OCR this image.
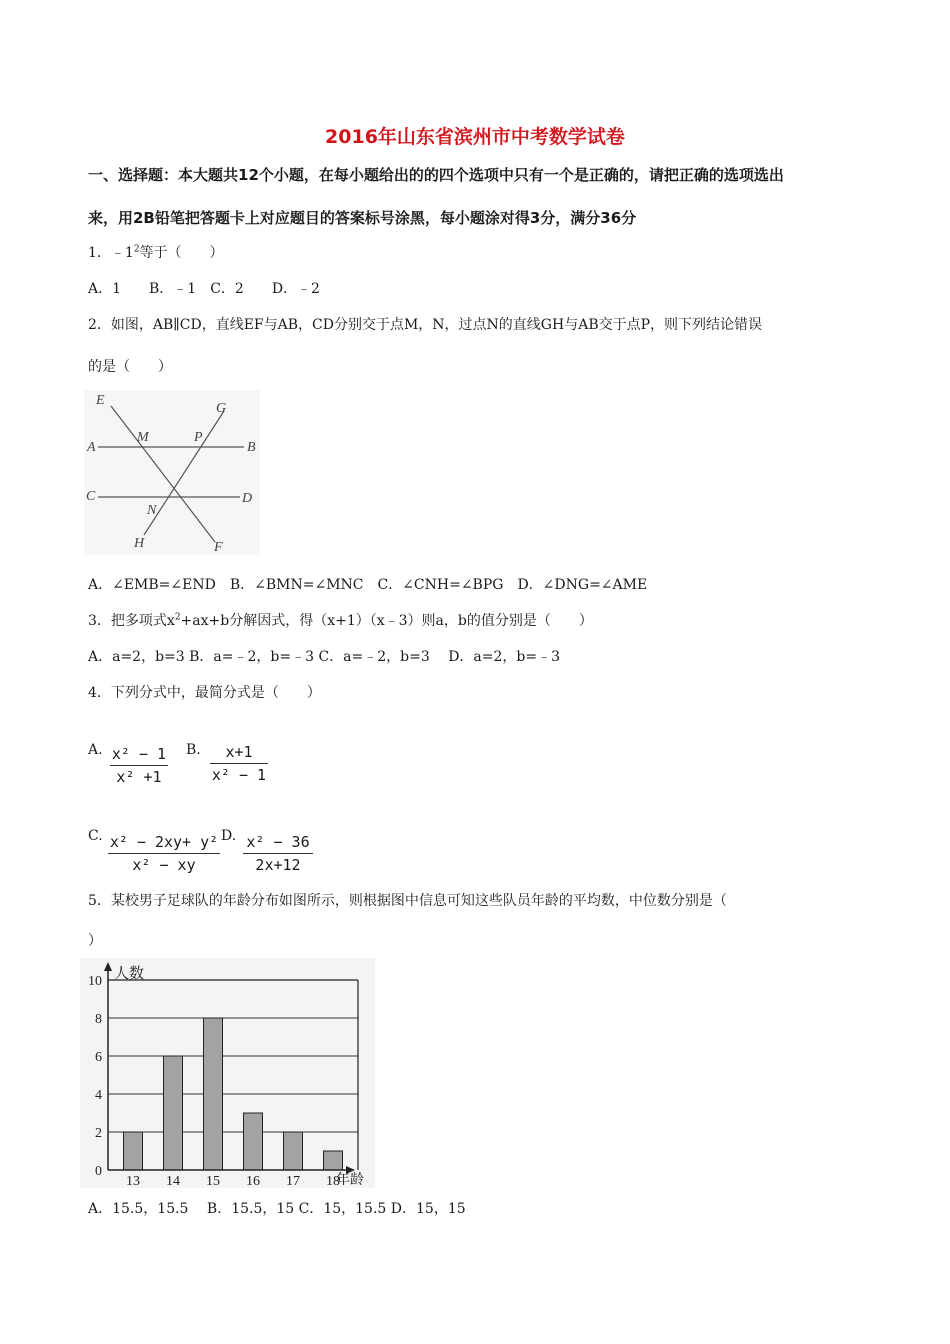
2016年山东省滨州市中考数学试卷
一、选择题：本大题共12个小题，在每小题给出的的四个选项中只有一个是正确的，请把正确的选项选出
来，用2B铅笔把答题卡上对应题目的答案标号涂黑，每小题涂对得3分，满分36分
1．$﹣1^2$等于（　　）
A．1　　B．﹣1　C．2　　D．﹣2
2．如图，AB∥CD，直线EF与AB，CD分别交于点M，N，过点N的直线GH与AB交于点P，则下列结论错误
的是（　　）
E
G
A
M	P
B
C	D
N
H	F
A．∠EMB=∠END　B．∠BMN=∠MNC　C．∠CNH=∠BPG　D．∠DNG=∠AME
3．把多项式$x^2+ax+b$分解因式，得（x+1）（x﹣3）则a，b的值分别是（　　）
A．a=2，b=3 B．a=﹣2，b=﹣3 C．a=﹣2，b=3　 D．a=2，b=﹣3
4．下列分式中，最简分式是（　　）
A. x² − 1
x² +1
B.	x+1
x² − 1
C. x² − 2xy+ y²
x² − xy
D. x² − 36
2x+12
5．某校男子足球队的年龄分布如图所示，则根据图中信息可知这些队员年龄的平均数，中位数分别是（
）
0
2
4
6
8
10
13 14 15 16 17 18
人数
年龄
A．15.5，15.5　 B．15.5，15 C．15，15.5 D．15，15
